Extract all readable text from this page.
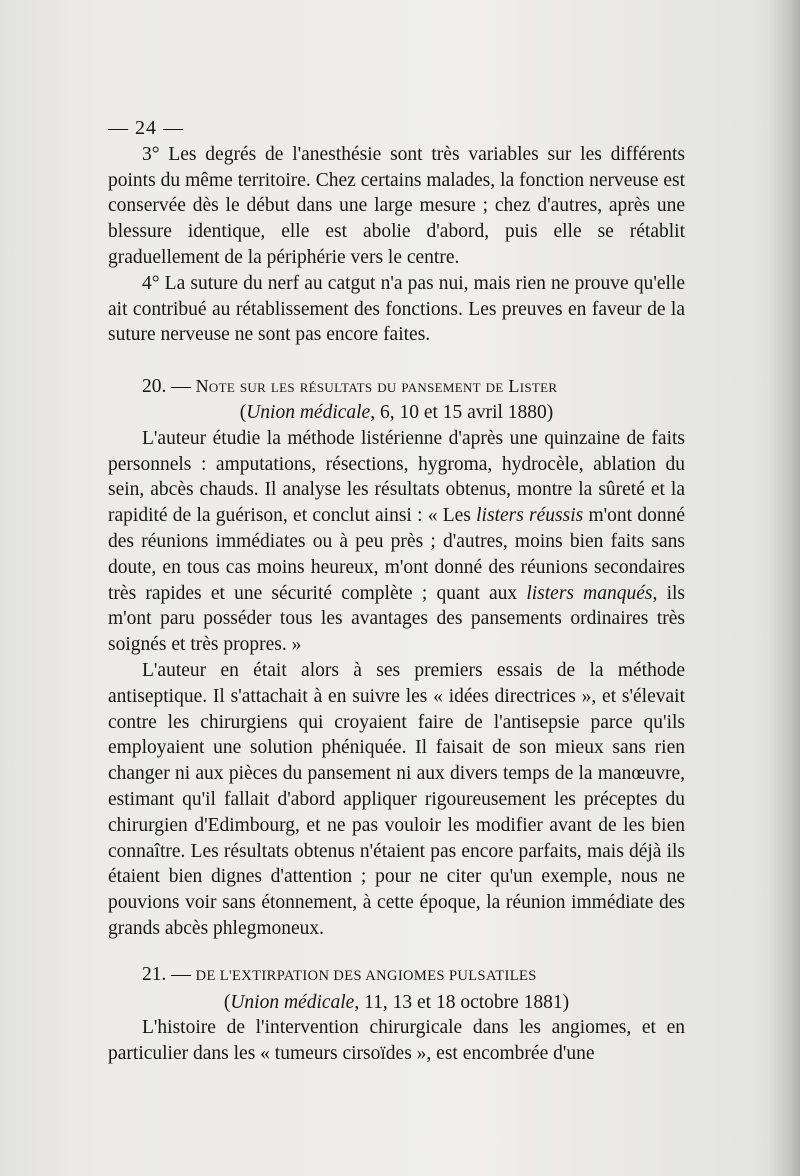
— 24 —

3° Les degrés de l'anesthésie sont très variables sur les différents points du même territoire. Chez certains malades, la fonction nerveuse est conservée dès le début dans une large mesure ; chez d'autres, après une blessure identique, elle est abolie d'abord, puis elle se rétablit graduellement de la périphérie vers le centre.

4° La suture du nerf au catgut n'a pas nui, mais rien ne prouve qu'elle ait contribué au rétablissement des fonctions. Les preuves en faveur de la suture nerveuse ne sont pas encore faites.

20. — Note sur les résultats du pansement de Lister

(Union médicale, 6, 10 et 15 avril 1880)

L'auteur étudie la méthode listérienne d'après une quinzaine de faits personnels : amputations, résections, hygroma, hydrocèle, ablation du sein, abcès chauds. Il analyse les résultats obtenus, montre la sûreté et la rapidité de la guérison, et conclut ainsi : « Les listers réussis m'ont donné des réunions immédiates ou à peu près ; d'autres, moins bien faits sans doute, en tous cas moins heureux, m'ont donné des réunions secondaires très rapides et une sécurité complète ; quant aux listers manqués, ils m'ont paru posséder tous les avantages des pansements ordinaires très soignés et très propres. »

L'auteur en était alors à ses premiers essais de la méthode antiseptique. Il s'attachait à en suivre les « idées directrices », et s'élevait contre les chirurgiens qui croyaient faire de l'antisepsie parce qu'ils employaient une solution phéniquée. Il faisait de son mieux sans rien changer ni aux pièces du pansement ni aux divers temps de la manœuvre, estimant qu'il fallait d'abord appliquer rigoureusement les préceptes du chirurgien d'Edimbourg, et ne pas vouloir les modifier avant de les bien connaître. Les résultats obtenus n'étaient pas encore parfaits, mais déjà ils étaient bien dignes d'attention ; pour ne citer qu'un exemple, nous ne pouvions voir sans étonnement, à cette époque, la réunion immédiate des grands abcès phlegmoneux.

21. — DE L'EXTIRPATION DES ANGIOMES PULSATILES

(Union médicale, 11, 13 et 18 octobre 1881)

L'histoire de l'intervention chirurgicale dans les angiomes, et en particulier dans les « tumeurs cirsoïdes », est encombrée d'une
